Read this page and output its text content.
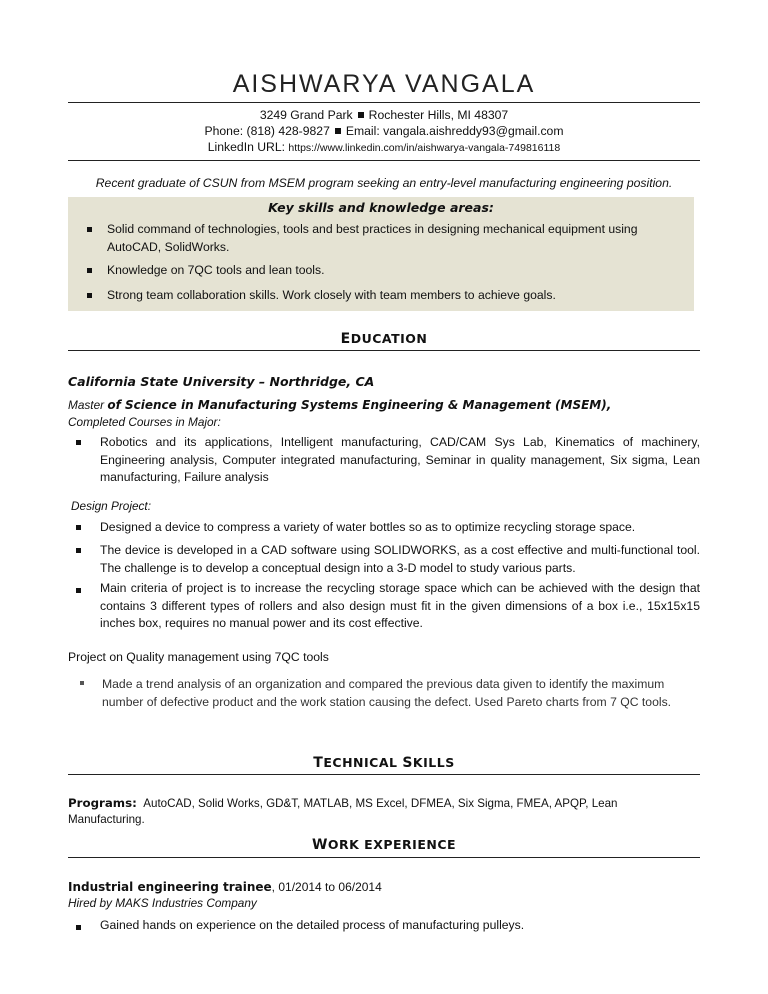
AISHWARYA VANGALA
3249 Grand Park Rochester Hills, MI 48307
Phone: (818) 428-9827 Email: vangala.aishreddy93@gmail.com
LinkedIn URL: https://www.linkedin.com/in/aishwarya-vangala-749816118
Recent graduate of CSUN from MSEM program seeking an entry-level manufacturing engineering position.
Key skills and knowledge areas:
Solid command of technologies, tools and best practices in designing mechanical equipment using AutoCAD, SolidWorks.
Knowledge on 7QC tools and lean tools.
Strong team collaboration skills. Work closely with team members to achieve goals.
EDUCATION
California State University – Northridge, CA
Master of Science in Manufacturing Systems Engineering & Management (MSEM),
Completed Courses in Major:
Robotics and its applications, Intelligent manufacturing, CAD/CAM Sys Lab, Kinematics of machinery, Engineering analysis, Computer integrated manufacturing, Seminar in quality management, Six sigma, Lean manufacturing, Failure analysis
Design Project:
Designed a device to compress a variety of water bottles so as to optimize recycling storage space.
The device is developed in a CAD software using SOLIDWORKS, as a cost effective and multi-functional tool. The challenge is to develop a conceptual design into a 3-D model to study various parts.
Main criteria of project is to increase the recycling storage space which can be achieved with the design that contains 3 different types of rollers and also design must fit in the given dimensions of a box i.e., 15x15x15 inches box, requires no manual power and its cost effective.
Project on Quality management using 7QC tools
Made a trend analysis of an organization and compared the previous data given to identify the maximum number of defective product and the work station causing the defect. Used Pareto charts from 7 QC tools.
TECHNICAL SKILLS
Programs: AutoCAD, Solid Works, GD&T, MATLAB, MS Excel, DFMEA, Six Sigma, FMEA, APQP, Lean Manufacturing.
WORK EXPERIENCE
Industrial engineering trainee, 01/2014 to 06/2014
Hired by MAKS Industries Company
Gained hands on experience on the detailed process of manufacturing pulleys.
